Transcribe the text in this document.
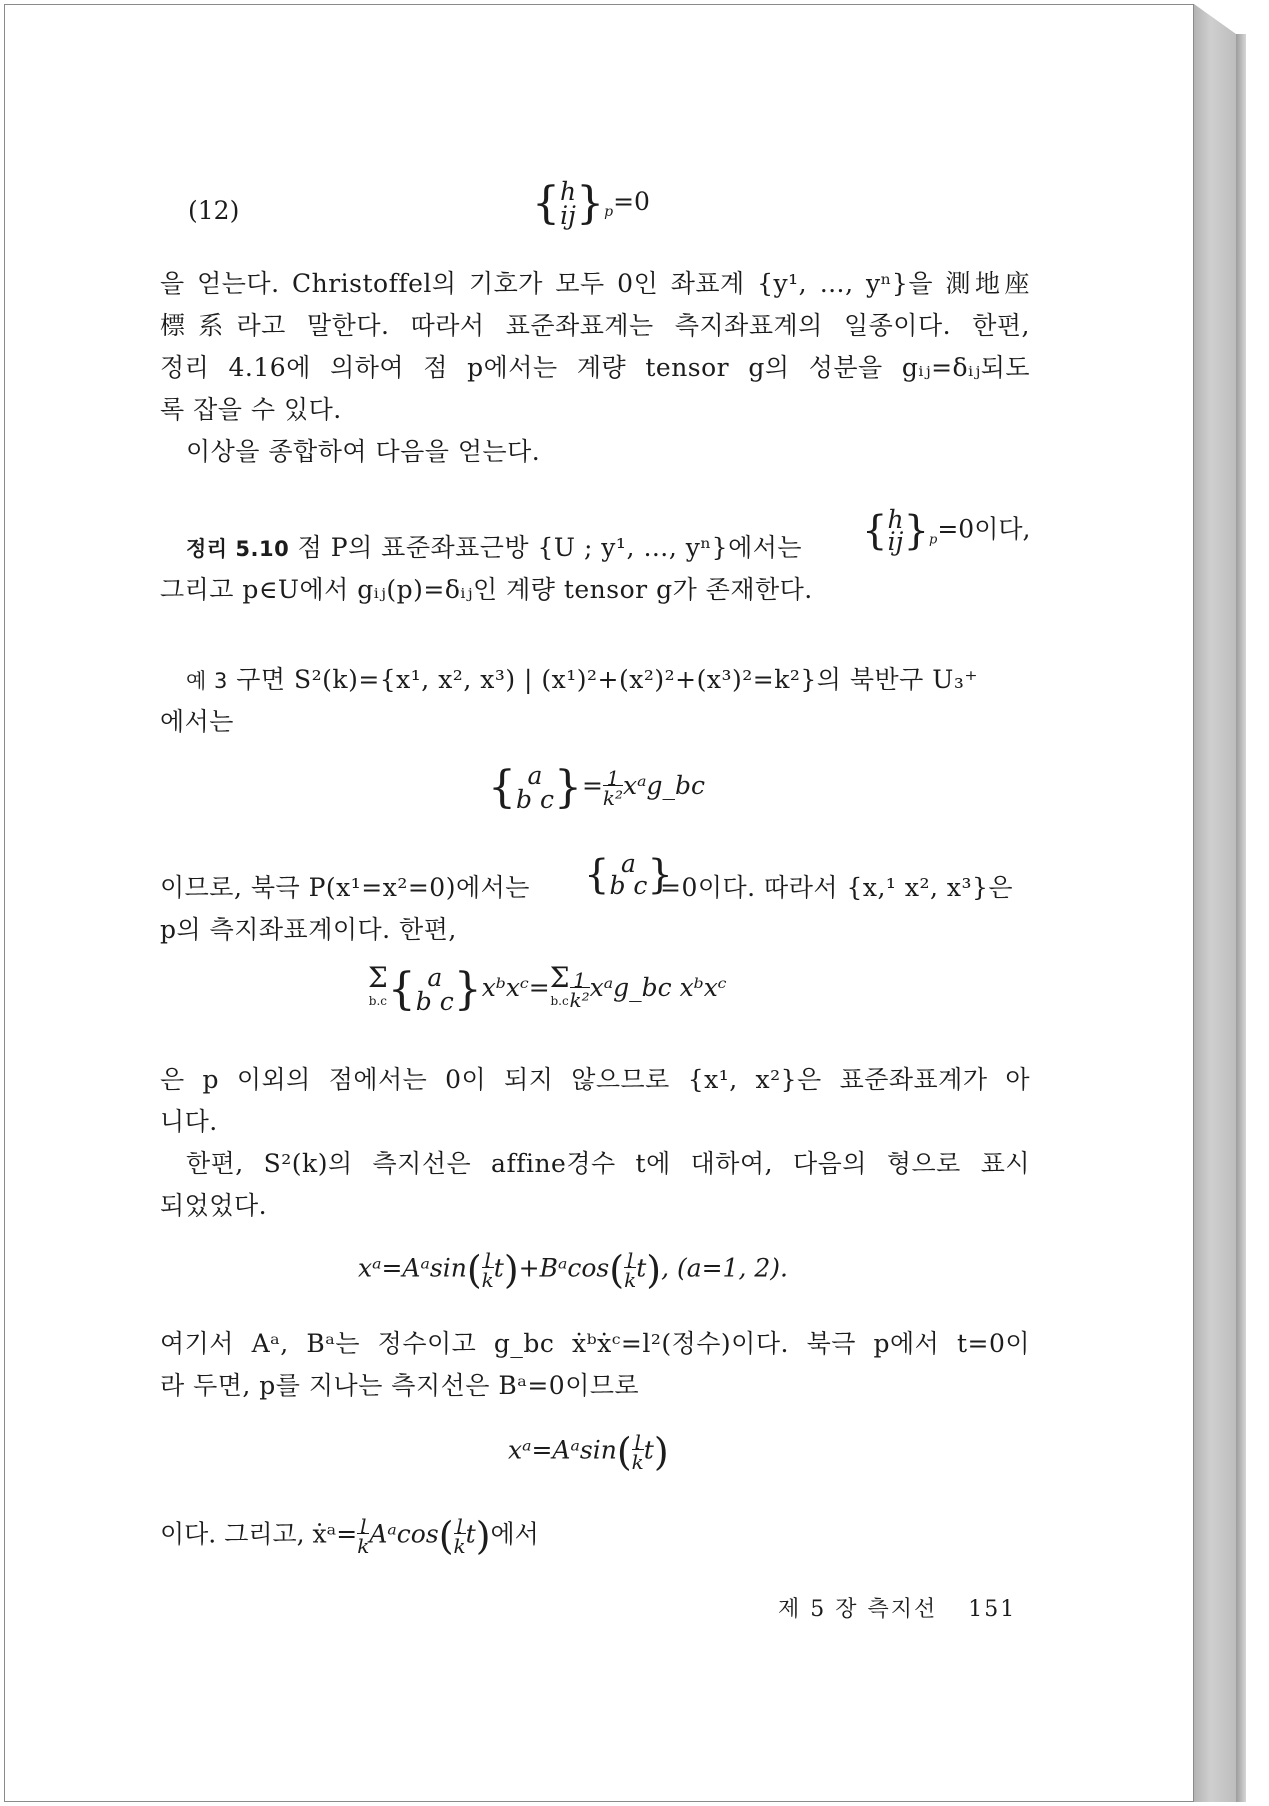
(12)	{h
$ij\}_p=0$
을 얻는다. Christoffel의 기호가 모두 0인 좌표계 {y¹, …, yⁿ}을 測地座
標系라고 말한다. 따라서 표준좌표계는 측지좌표계의 일종이다. 한편,
정리 4.16에 의하여 점 p에서는 계량 tensor g의 성분을 gᵢⱼ=δᵢⱼ되도
록 잡을 수 있다.
이상을 종합하여 다음을 얻는다.
정리 5.10 점 P의 표준좌표근방 {U ; y¹, …, yⁿ}에서는 {h
$ij\}_p=0$이다,
그리고 p∈U에서 gᵢⱼ(p)=δᵢⱼ인 계량 tensor g가 존재한다.
예 3 구면 S²(k)={x¹, x², x³) | (x¹)²+(x²)²+(x³)²=k²}의 북반구 U₃⁺
에서는
{ a
b $c\}=\frac{1}{\text{k²}}xᵃg\_bc$
이므로, 북극 P(x¹=x²=0)에서는 { a
b c}
=0이다. 따라서 {x,¹ x², x³}은
p의 측지좌표계이다. 한편,
Σ
b.c{ a
b c}xᵇxᶜ=Σ
$b.c\frac{1}{\text{k²}}xᵃg\_bc$ xᵇxᶜ
은 p 이외의 점에서는 0이 되지 않으므로 {x¹, x²}은 표준좌표계가 아
니다.
한편, S²(k)의 측지선은 affine경수 t에 대하여, 다음의 형으로 표시
되었었다.
$xᵃ=Aᵃ\sin(\frac{l}{k}t)+Bᵃ\cos(\frac{l}{k}t)$, (a=1, 2).
여기서 Aᵃ, Bᵃ는 정수이고 g_bc ẋᵇẋᶜ=l²(정수)이다. 북극 p에서 t=0이
라 두면, p를 지나는 측지선은 Bᵃ=0이므로
$xᵃ=Aᵃ\sin(\frac{l}{k}t)$
이다. 그리고, $ẋᵃ=\frac{l}{k}Aᵃ\cos(\frac{l}{k}t)$에서
제 5 장 측지선 151
